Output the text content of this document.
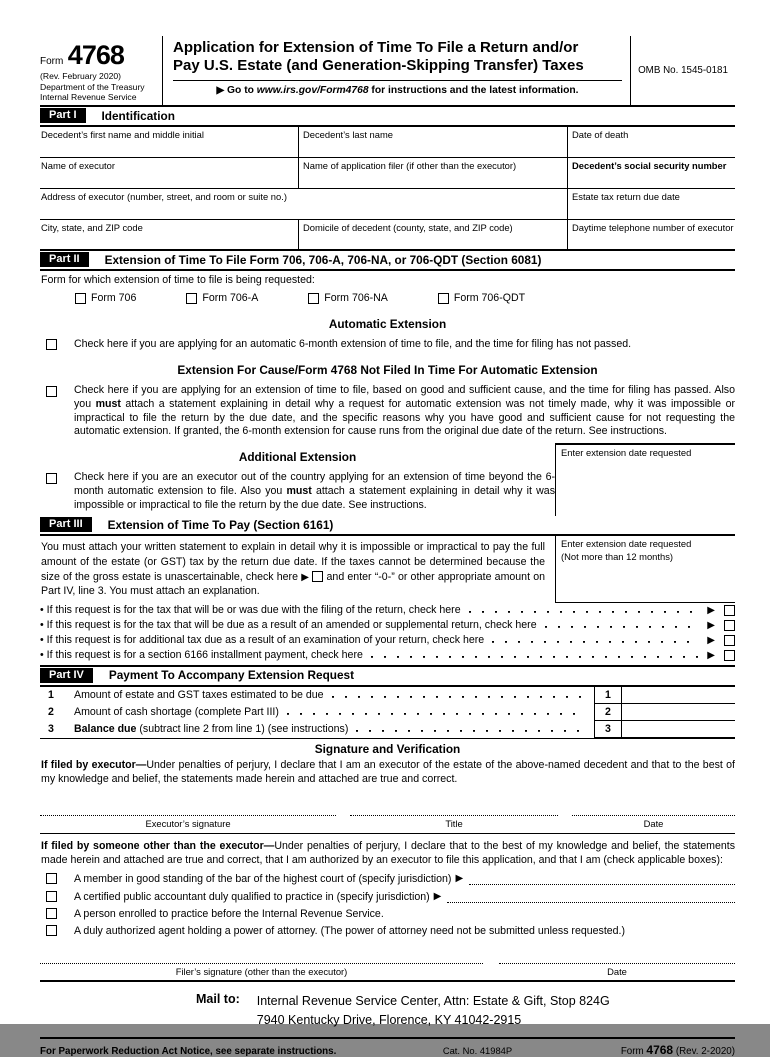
Form 4768
(Rev. February 2020)
Department of the Treasury
Internal Revenue Service
Application for Extension of Time To File a Return and/or
Pay U.S. Estate (and Generation-Skipping Transfer) Taxes
▶ Go to www.irs.gov/Form4768 for instructions and the latest information.
OMB No. 1545-0181
Part I	Identification
Decedent’s first name and middle initial	Decedent’s last name	Date of death
Name of executor	Name of application filer (if other than the executor)	Decedent’s social security number
Address of executor (number, street, and room or suite no.)	Estate tax return due date
City, state, and ZIP code	Domicile of decedent (county, state, and ZIP code)	Daytime telephone number of executor
Part II	Extension of Time To File Form 706, 706-A, 706-NA, or 706-QDT (Section 6081)
Form for which extension of time to file is being requested:
Form 706	Form 706-A	Form 706-NA	Form 706-QDT
Automatic Extension
Check here if you are applying for an automatic 6-month extension of time to file, and the time for filing has not passed.
Extension For Cause/Form 4768 Not Filed In Time For Automatic Extension
Check here if you are applying for an extension of time to file, based on good and sufficient cause, and the time for filing has passed. Also you must attach a statement explaining in detail why a request for automatic extension was not timely made, why it was impossible or impractical to file the return by the due date, and the specific reasons why you have good and sufficient cause for not requesting the automatic extension. If granted, the 6-month extension for cause runs from the original due date of the return. See instructions.
Additional Extension
Check here if you are an executor out of the country applying for an extension of time beyond the 6-month automatic extension to file. Also you must attach a statement explaining in detail why it was impossible or impractical to file the return by the due date. See instructions.
Enter extension date requested
Part III	Extension of Time To Pay (Section 6161)
You must attach your written statement to explain in detail why it is impossible or impractical to pay the full amount of the estate (or GST) tax by the return due date. If the taxes cannot be determined because the size of the gross estate is unascertainable, check here ▶  and enter “-0-” or other appropriate amount on Part IV, line 3. You must attach an explanation.
Enter extension date requested
(Not more than 12 months)
• If this request is for the tax that will be or was due with the filing of the return, check here	▶
• If this request is for the tax that will be due as a result of an amended or supplemental return, check here	▶
• If this request is for additional tax due as a result of an examination of your return, check here	▶
• If this request is for a section 6166 installment payment, check here	▶
Part IV	Payment To Accompany Extension Request
1	Amount of estate and GST taxes estimated to be due	1
2	Amount of cash shortage (complete Part III)	2
3	Balance due (subtract line 2 from line 1) (see instructions)	3
Signature and Verification
If filed by executor—Under penalties of perjury, I declare that I am an executor of the estate of the above-named decedent and that to the best of my knowledge and belief, the statements made herein and attached are true and correct.
Executor’s signature	Title	Date
If filed by someone other than the executor—Under penalties of perjury, I declare that to the best of my knowledge and belief, the statements made herein and attached are true and correct, that I am authorized by an executor to file this application, and that I am (check applicable boxes):
A member in good standing of the bar of the highest court of (specify jurisdiction) ▶
A certified public accountant duly qualified to practice in (specify jurisdiction) ▶
A person enrolled to practice before the Internal Revenue Service.
A duly authorized agent holding a power of attorney. (The power of attorney need not be submitted unless requested.)
Filer’s signature (other than the executor)	Date
Mail to: Internal Revenue Service Center, Attn: Estate & Gift, Stop 824G
7940 Kentucky Drive, Florence, KY 41042-2915
For Paperwork Reduction Act Notice, see separate instructions.	Cat. No. 41984P	Form 4768 (Rev. 2-2020)
